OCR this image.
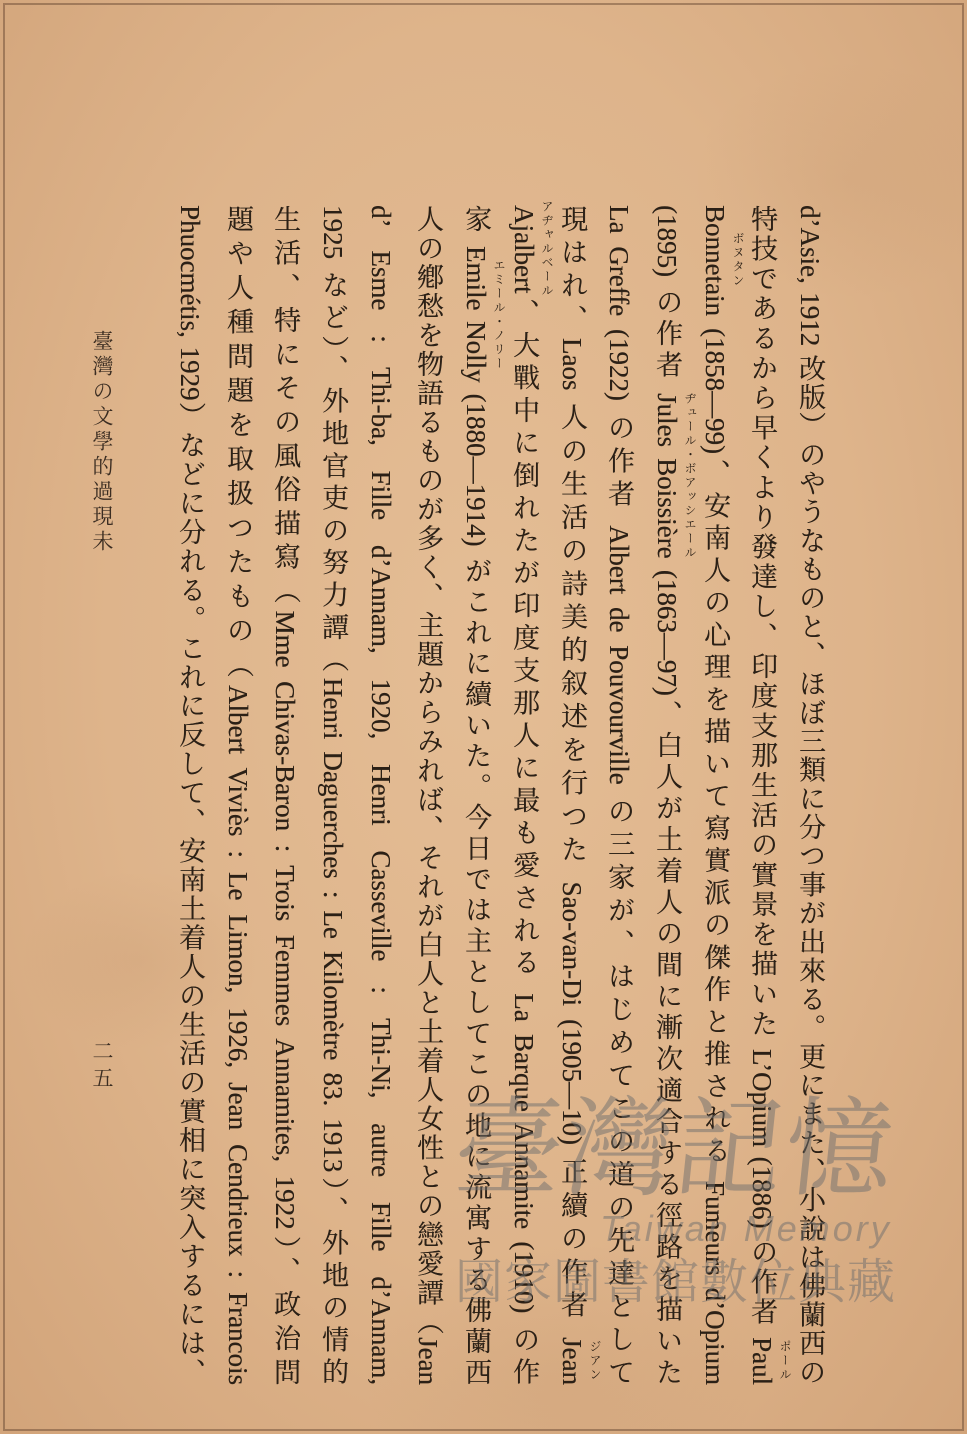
d’Asie, 1912 改版）のやうなものと、ほぼ三類に分つ事が出來る。更にまた、小說は佛蘭西の
特技であるから早くより發達し、印度支那生活の實景を描いた L’Opium (1886) の作者 Paul ポール
Bonnetain ボヌタン
(1858—99)、安南人の心理を描いて寫實派の傑作と推される Fumeurs d’Opium
(1895) の作者 Jules Boissière ヂュール・ボアッシエール
(1863—97)、白人が土着人の間に漸次適合する徑路を描いた
La Greffe (1922) の作者 Albert de Pouvourville の三家が、はじめてこの道の先達として
現はれ、Laos 人の生活の詩美的叙述を行つた Sao-van-Di (1905—10) 正續の作者 Jean ジアン
Ajalbert アヂャルベール
、大戰中に倒れたが印度支那人に最も愛される La Barque Annamite (1910) の作
家 Emile Nolly エミール・ノリー
(1880—1914) がこれに續いた。今日では主としてこの地に流寓する佛蘭西
人の鄕愁を物語るものが多く、主題からみれば、それが白人と土着人女性との戀愛譚（Jean
d’ Esme : Thi-ba, Fille d’Annam, 1920, Henri Casseville : Thi-Ni, autre Fille d’Annam,
1925 など）、外地官吏の努力譚（Henri Daguerches : Le Kilomètre 83. 1913）、外地の情的
生活、特にその風俗描寫（Mme Chivas-Baron : Trois Femmes Annamites, 1922）、政治問
題や人種問題を取扱つたもの（Albert Viviès : Le Limon, 1926, Jean Cendrieux : Francois
Phuocmétis, 1929）などに分れる。これに反して、安南土着人の生活の實相に突入するには、
臺灣の文學的過現未
二五
臺灣記憶
Taiwan Memory
國家圖書館數位典藏
